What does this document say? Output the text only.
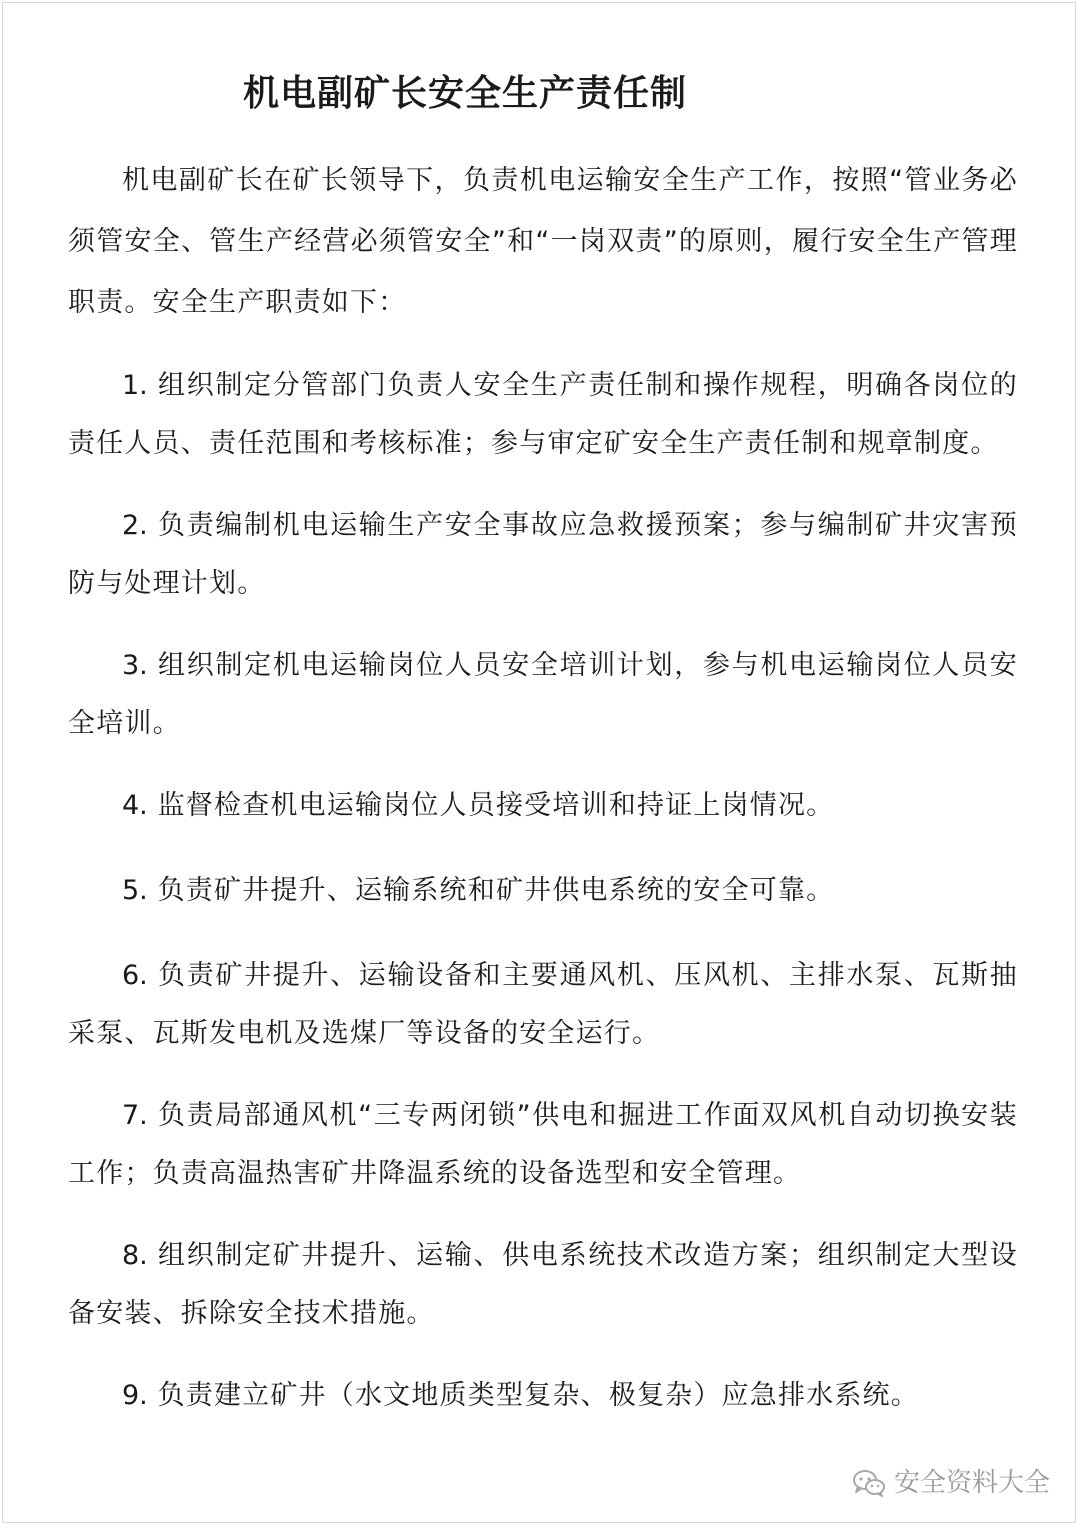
机电副矿长安全生产责任制

机电副矿长在矿长领导下，负责机电运输安全生产工作，按照“管业务必须管安全、管生产经营必须管安全”和“一岗双责”的原则，履行安全生产管理职责。安全生产职责如下：

1. 组织制定分管部门负责人安全生产责任制和操作规程，明确各岗位的责任人员、责任范围和考核标准；参与审定矿安全生产责任制和规章制度。

2. 负责编制机电运输生产安全事故应急救援预案；参与编制矿井灾害预防与处理计划。

3. 组织制定机电运输岗位人员安全培训计划，参与机电运输岗位人员安全培训。

4. 监督检查机电运输岗位人员接受培训和持证上岗情况。

5. 负责矿井提升、运输系统和矿井供电系统的安全可靠。

6. 负责矿井提升、运输设备和主要通风机、压风机、主排水泵、瓦斯抽采泵、瓦斯发电机及选煤厂等设备的安全运行。

7. 负责局部通风机“三专两闭锁”供电和掘进工作面双风机自动切换安装工作；负责高温热害矿井降温系统的设备选型和安全管理。

8. 组织制定矿井提升、运输、供电系统技术改造方案；组织制定大型设备安装、拆除安全技术措施。

9. 负责建立矿井（水文地质类型复杂、极复杂）应急排水系统。

安全资料大全
